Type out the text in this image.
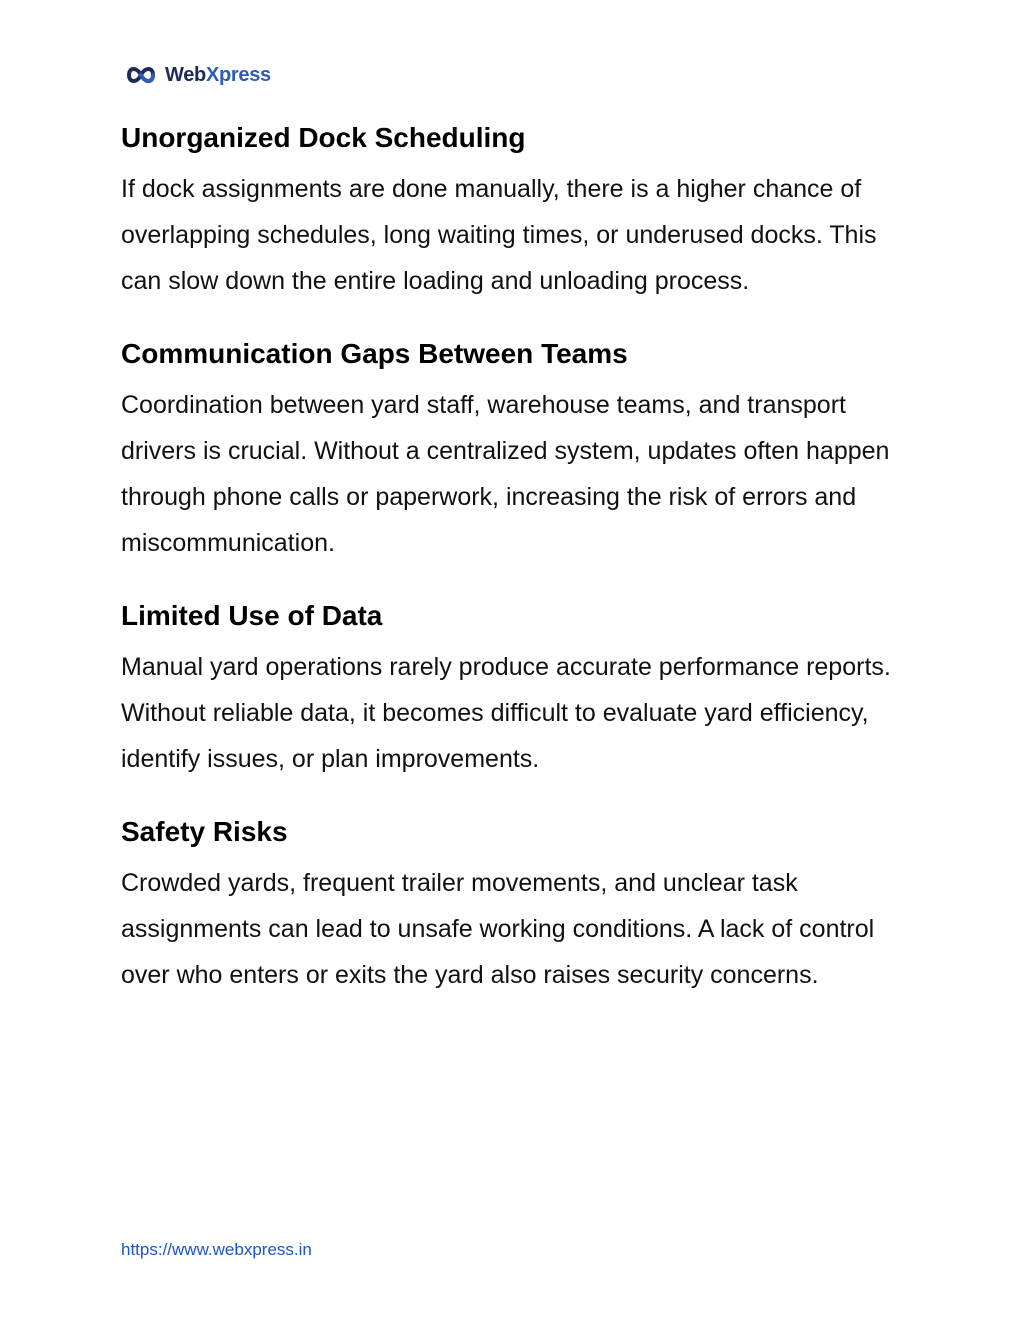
WebXpress
Unorganized Dock Scheduling

If dock assignments are done manually, there is a higher chance of overlapping schedules, long waiting times, or underused docks. This can slow down the entire loading and unloading process.

Communication Gaps Between Teams

Coordination between yard staff, warehouse teams, and transport drivers is crucial. Without a centralized system, updates often happen through phone calls or paperwork, increasing the risk of errors and miscommunication.

Limited Use of Data

Manual yard operations rarely produce accurate performance reports. Without reliable data, it becomes difficult to evaluate yard efficiency, identify issues, or plan improvements.

Safety Risks

Crowded yards, frequent trailer movements, and unclear task assignments can lead to unsafe working conditions. A lack of control over who enters or exits the yard also raises security concerns.

https://www.webxpress.in
